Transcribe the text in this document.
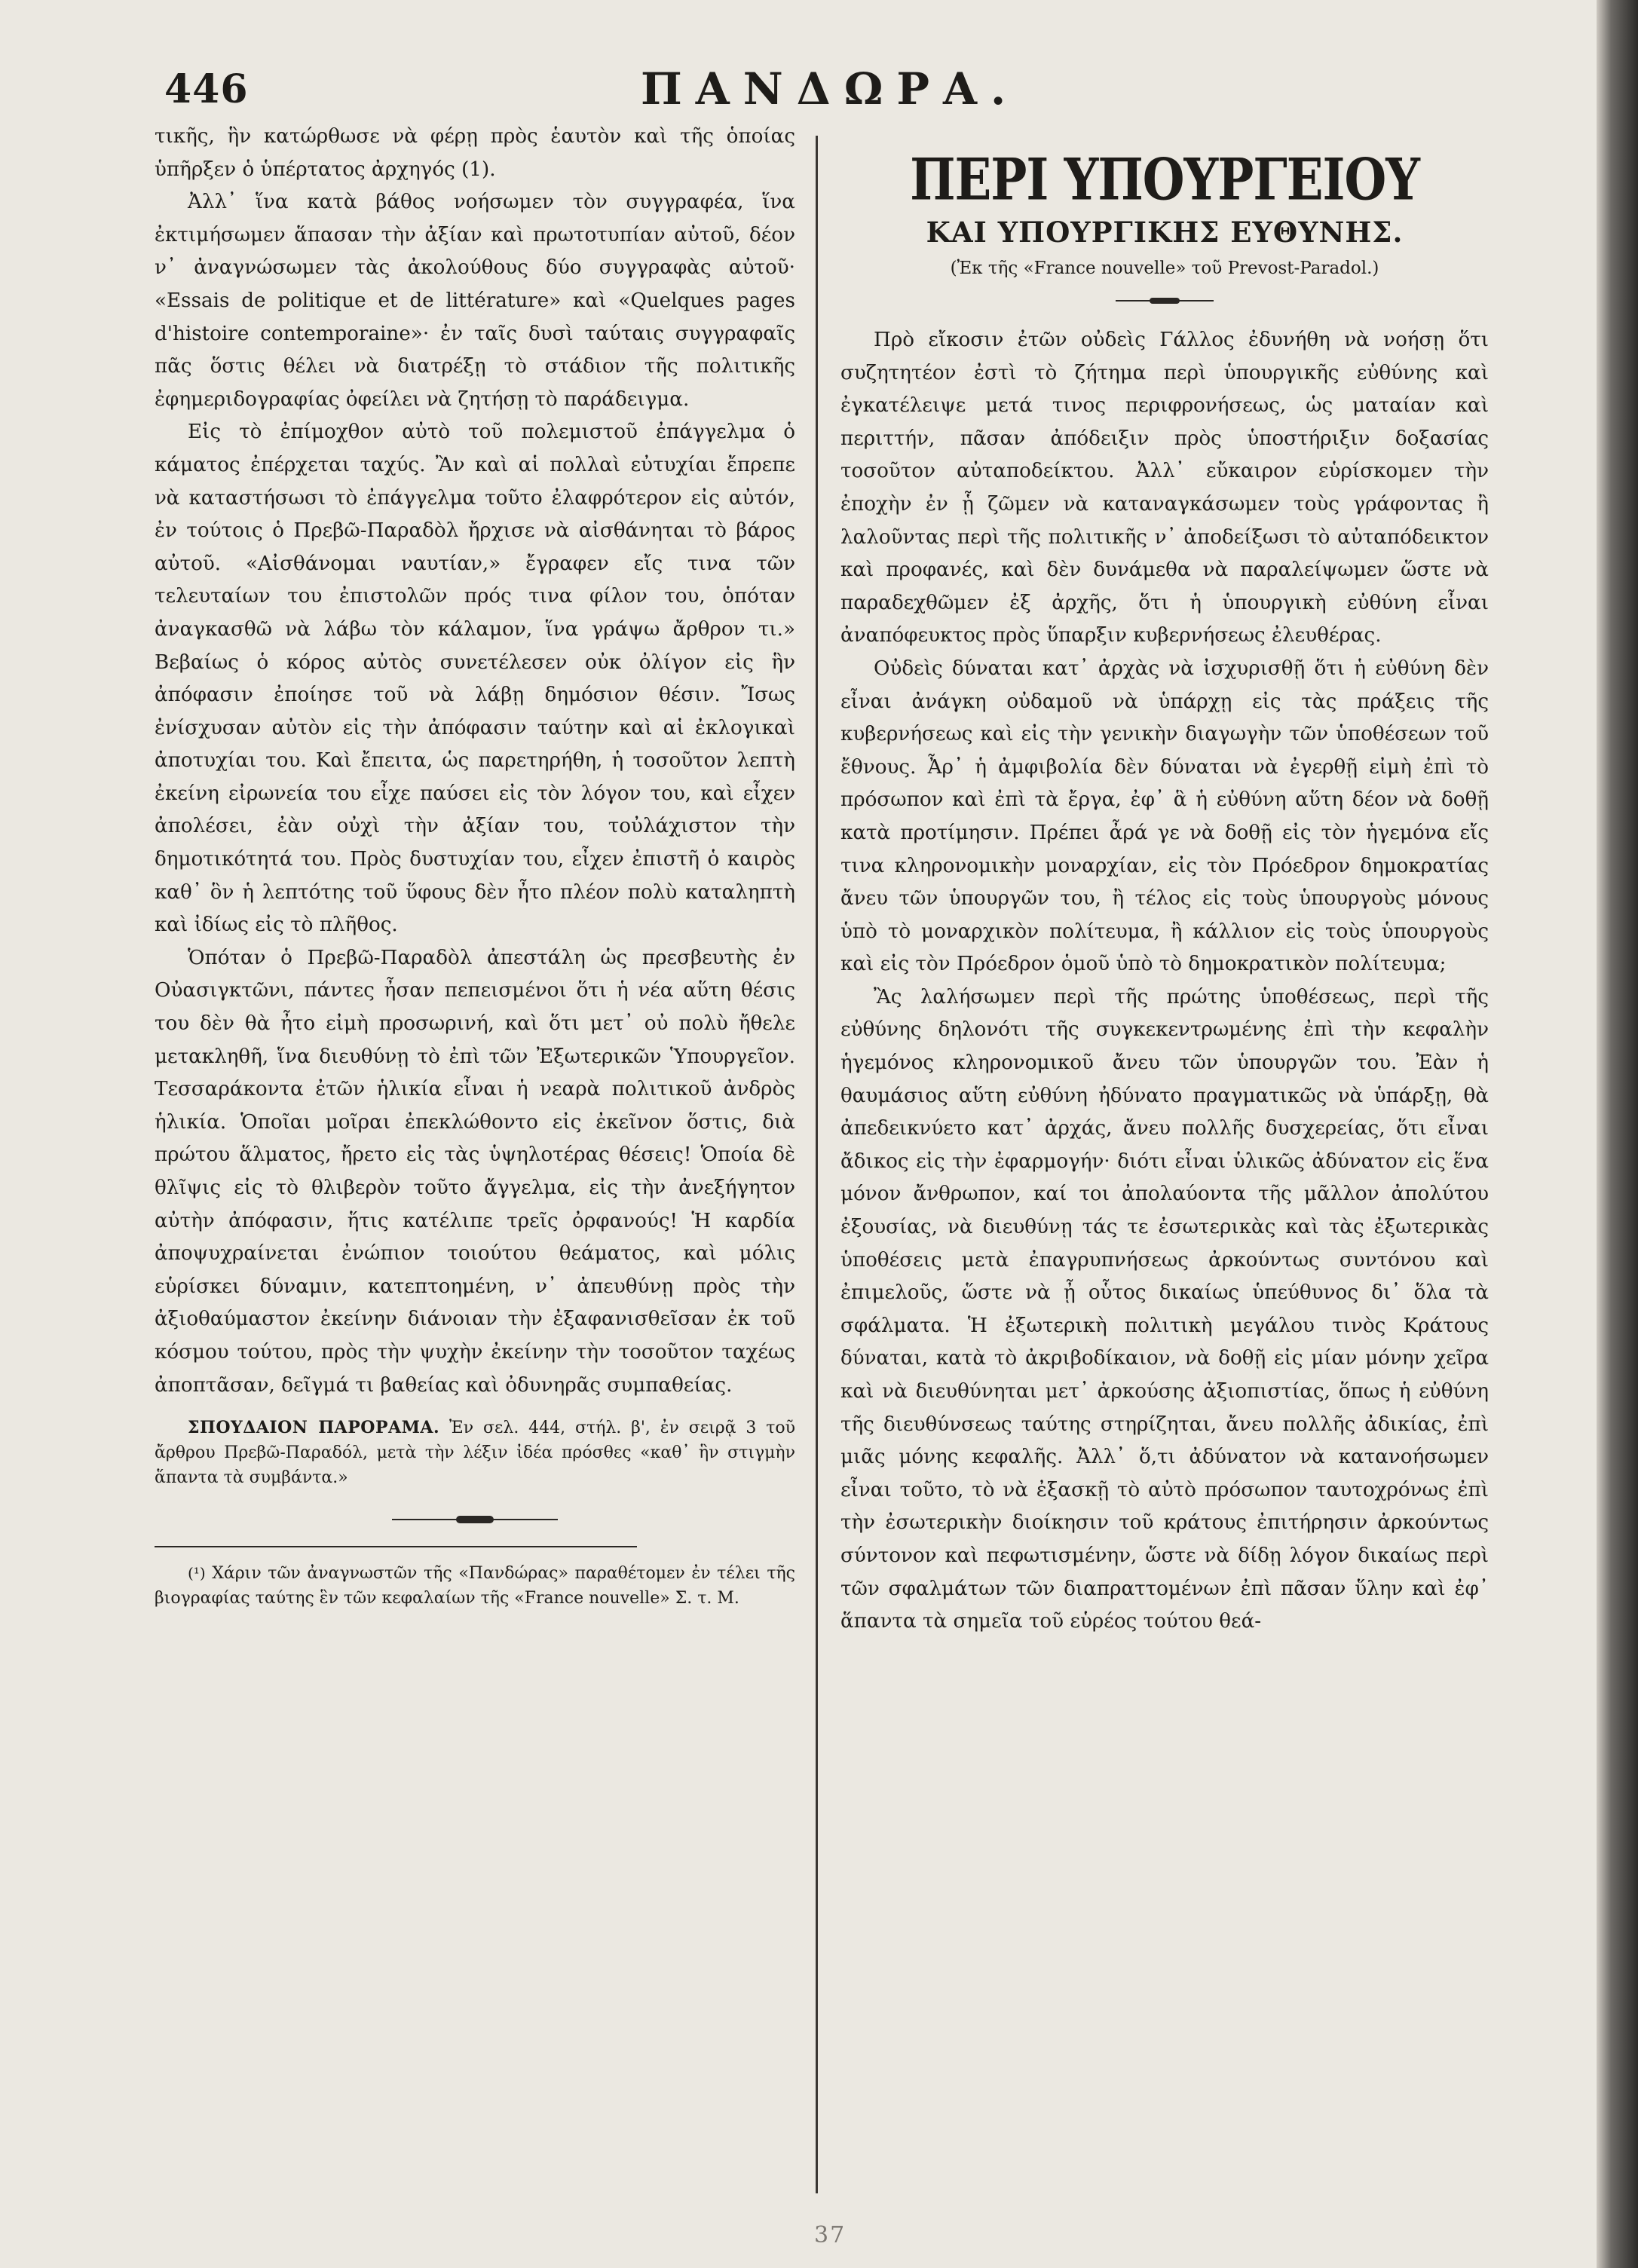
446	ΠΑΝΔΩΡΑ.

τικῆς, ἣν κατώρθωσε νὰ φέρῃ πρὸς ἑαυτὸν καὶ τῆς ὁποίας ὑπῆρξεν ὁ ὑπέρτατος ἀρχηγός (1).

Ἀλλ᾽ ἵνα κατὰ βάθος νοήσωμεν τὸν συγγραφέα, ἵνα ἐκτιμήσωμεν ἅπασαν τὴν ἀξίαν καὶ πρωτοτυπίαν αὐτοῦ, δέον ν᾽ ἀναγνώσωμεν τὰς ἀκολούθους δύο συγγραφὰς αὐτοῦ· «Essais de politique et de littérature» καὶ «Quelques pages d'histoire contemporaine»· ἐν ταῖς δυσὶ ταύταις συγγραφαῖς πᾶς ὅστις θέλει νὰ διατρέξῃ τὸ στάδιον τῆς πολιτικῆς ἐφημεριδογραφίας ὀφείλει νὰ ζητήσῃ τὸ παράδειγμα.

Εἰς τὸ ἐπίμοχθον αὐτὸ τοῦ πολεμιστοῦ ἐπάγγελμα ὁ κάματος ἐπέρχεται ταχύς. Ἂν καὶ αἱ πολλαὶ εὐτυχίαι ἔπρεπε νὰ καταστήσωσι τὸ ἐπάγγελμα τοῦτο ἐλαφρότερον εἰς αὐτόν, ἐν τούτοις ὁ Πρεβῶ-Παραδὸλ ἤρχισε νὰ αἰσθάνηται τὸ βάρος αὐτοῦ. «Αἰσθάνομαι ναυτίαν,» ἔγραφεν εἴς τινα τῶν τελευταίων του ἐπιστολῶν πρός τινα φίλον του, ὁπόταν ἀναγκασθῶ νὰ λάβω τὸν κάλαμον, ἵνα γράψω ἄρθρον τι.» Βεβαίως ὁ κόρος αὐτὸς συνετέλεσεν οὐκ ὀλίγον εἰς ἣν ἀπόφασιν ἐποίησε τοῦ νὰ λάβῃ δημόσιον θέσιν. Ἴσως ἐνίσχυσαν αὐτὸν εἰς τὴν ἀπόφασιν ταύτην καὶ αἱ ἐκλογικαὶ ἀποτυχίαι του. Καὶ ἔπειτα, ὡς παρετηρήθη, ἡ τοσοῦτον λεπτὴ ἐκείνη εἰρωνεία του εἶχε παύσει εἰς τὸν λόγον του, καὶ εἶχεν ἀπολέσει, ἐὰν οὐχὶ τὴν ἀξίαν του, τοὐλάχιστον τὴν δημοτικότητά του. Πρὸς δυστυχίαν του, εἶχεν ἐπιστῆ ὁ καιρὸς καθ᾽ ὃν ἡ λεπτότης τοῦ ὕφους δὲν ἦτο πλέον πολὺ καταληπτὴ καὶ ἰδίως εἰς τὸ πλῆθος.

Ὁπόταν ὁ Πρεβῶ-Παραδὸλ ἀπεστάλη ὡς πρεσβευτὴς ἐν Οὐασιγκτῶνι, πάντες ἦσαν πεπεισμένοι ὅτι ἡ νέα αὕτη θέσις του δὲν θὰ ἦτο εἰμὴ προσωρινή, καὶ ὅτι μετ᾽ οὐ πολὺ ἤθελε μετακληθῆ, ἵνα διευθύνῃ τὸ ἐπὶ τῶν Ἐξωτερικῶν Ὑπουργεῖον. Τεσσαράκοντα ἐτῶν ἡλικία εἶναι ἡ νεαρὰ πολιτικοῦ ἀνδρὸς ἡλικία. Ὁποῖαι μοῖραι ἐπεκλώθοντο εἰς ἐκεῖνον ὅστις, διὰ πρώτου ἅλματος, ἤρετο εἰς τὰς ὑψηλοτέρας θέσεις! Ὁποία δὲ θλῖψις εἰς τὸ θλιβερὸν τοῦτο ἄγγελμα, εἰς τὴν ἀνεξήγητον αὐτὴν ἀπόφασιν, ἥτις κατέλιπε τρεῖς ὀρφανούς! Ἡ καρδία ἀποψυχραίνεται ἐνώπιον τοιούτου θεάματος, καὶ μόλις εὑρίσκει δύναμιν, κατεπτοημένη, ν᾽ ἀπευθύνῃ πρὸς τὴν ἀξιοθαύμαστον ἐκείνην διάνοιαν τὴν ἐξαφανισθεῖσαν ἐκ τοῦ κόσμου τούτου, πρὸς τὴν ψυχὴν ἐκείνην τὴν τοσοῦτον ταχέως ἀποπτᾶσαν, δεῖγμά τι βαθείας καὶ ὀδυνηρᾶς συμπαθείας.

ΣΠΟΥΔΑΙΟΝ ΠΑΡΟΡΑΜΑ. Ἐν σελ. 444, στήλ. β', ἐν σειρᾷ 3 τοῦ ἄρθρου Πρεβῶ-Παραδόλ, μετὰ τὴν λέξιν ἰδέα πρόσθες «καθ᾽ ἣν στιγμὴν ἅπαντα τὰ συμβάντα.»
(¹) Χάριν τῶν ἀναγνωστῶν τῆς «Πανδώρας» παραθέτομεν ἐν τέλει τῆς βιογραφίας ταύτης ἓν τῶν κεφαλαίων τῆς «France nouvelle» Σ. τ. Μ.
ΠΕΡΙ ΥΠΟΥΡΓΕΙΟΥ
ΚΑΙ ΥΠΟΥΡΓΙΚΗΣ ΕΥΘΥΝΗΣ.
(Ἐκ τῆς «France nouvelle» τοῦ Prevost-Paradol.)

Πρὸ εἴκοσιν ἐτῶν οὐδεὶς Γάλλος ἐδυνήθη νὰ νοήσῃ ὅτι συζητητέον ἐστὶ τὸ ζήτημα περὶ ὑπουργικῆς εὐθύνης καὶ ἐγκατέλειψε μετά τινος περιφρονήσεως, ὡς ματαίαν καὶ περιττήν, πᾶσαν ἀπόδειξιν πρὸς ὑποστήριξιν δοξασίας τοσοῦτον αὐταποδείκτου. Ἀλλ᾽ εὔκαιρον εὑρίσκομεν τὴν ἐποχὴν ἐν ᾗ ζῶμεν νὰ καταναγκάσωμεν τοὺς γράφοντας ἢ λαλοῦντας περὶ τῆς πολιτικῆς ν᾽ ἀποδείξωσι τὸ αὐταπόδεικτον καὶ προφανές, καὶ δὲν δυνάμεθα νὰ παραλείψωμεν ὥστε νὰ παραδεχθῶμεν ἐξ ἀρχῆς, ὅτι ἡ ὑπουργικὴ εὐθύνη εἶναι ἀναπόφευκτος πρὸς ὕπαρξιν κυβερνήσεως ἐλευθέρας.

Οὐδεὶς δύναται κατ᾽ ἀρχὰς νὰ ἰσχυρισθῇ ὅτι ἡ εὐθύνη δὲν εἶναι ἀνάγκη οὐδαμοῦ νὰ ὑπάρχῃ εἰς τὰς πράξεις τῆς κυβερνήσεως καὶ εἰς τὴν γενικὴν διαγωγὴν τῶν ὑποθέσεων τοῦ ἔθνους. Ἆρ᾽ ἡ ἀμφιβολία δὲν δύναται νὰ ἐγερθῇ εἰμὴ ἐπὶ τὸ πρόσωπον καὶ ἐπὶ τὰ ἔργα, ἐφ᾽ ἃ ἡ εὐθύνη αὕτη δέον νὰ δοθῇ κατὰ προτίμησιν. Πρέπει ἆρά γε νὰ δοθῇ εἰς τὸν ἡγεμόνα εἴς τινα κληρονομικὴν μοναρχίαν, εἰς τὸν Πρόεδρον δημοκρατίας ἄνευ τῶν ὑπουργῶν του, ἢ τέλος εἰς τοὺς ὑπουργοὺς μόνους ὑπὸ τὸ μοναρχικὸν πολίτευμα, ἢ κάλλιον εἰς τοὺς ὑπουργοὺς καὶ εἰς τὸν Πρόεδρον ὁμοῦ ὑπὸ τὸ δημοκρατικὸν πολίτευμα;

Ἂς λαλήσωμεν περὶ τῆς πρώτης ὑποθέσεως, περὶ τῆς εὐθύνης δηλονότι τῆς συγκεκεντρωμένης ἐπὶ τὴν κεφαλὴν ἡγεμόνος κληρονομικοῦ ἄνευ τῶν ὑπουργῶν του. Ἐὰν ἡ θαυμάσιος αὕτη εὐθύνη ἠδύνατο πραγματικῶς νὰ ὑπάρξῃ, θὰ ἀπεδεικνύετο κατ᾽ ἀρχάς, ἄνευ πολλῆς δυσχερείας, ὅτι εἶναι ἄδικος εἰς τὴν ἐφαρμογήν· διότι εἶναι ὑλικῶς ἀδύνατον εἰς ἕνα μόνον ἄνθρωπον, καί τοι ἀπολαύοντα τῆς μᾶλλον ἀπολύτου ἐξουσίας, νὰ διευθύνῃ τάς τε ἐσωτερικὰς καὶ τὰς ἐξωτερικὰς ὑποθέσεις μετὰ ἐπαγρυπνήσεως ἀρκούντως συντόνου καὶ ἐπιμελοῦς, ὥστε νὰ ᾖ οὗτος δικαίως ὑπεύθυνος δι᾽ ὅλα τὰ σφάλματα. Ἡ ἐξωτερικὴ πολιτικὴ μεγάλου τινὸς Κράτους δύναται, κατὰ τὸ ἀκριβοδίκαιον, νὰ δοθῇ εἰς μίαν μόνην χεῖρα καὶ νὰ διευθύνηται μετ᾽ ἀρκούσης ἀξιοπιστίας, ὅπως ἡ εὐθύνη τῆς διευθύνσεως ταύτης στηρίζηται, ἄνευ πολλῆς ἀδικίας, ἐπὶ μιᾶς μόνης κεφαλῆς. Ἀλλ᾽ ὅ,τι ἀδύνατον νὰ κατανοήσωμεν εἶναι τοῦτο, τὸ νὰ ἐξασκῇ τὸ αὐτὸ πρόσωπον ταυτοχρόνως ἐπὶ τὴν ἐσωτερικὴν διοίκησιν τοῦ κράτους ἐπιτήρησιν ἀρκούντως σύντονον καὶ πεφωτισμένην, ὥστε νὰ δίδῃ λόγον δικαίως περὶ τῶν σφαλμάτων τῶν διαπραττομένων ἐπὶ πᾶσαν ὕλην καὶ ἐφ᾽ ἅπαντα τὰ σημεῖα τοῦ εὑρέος τούτου θεά-

37
